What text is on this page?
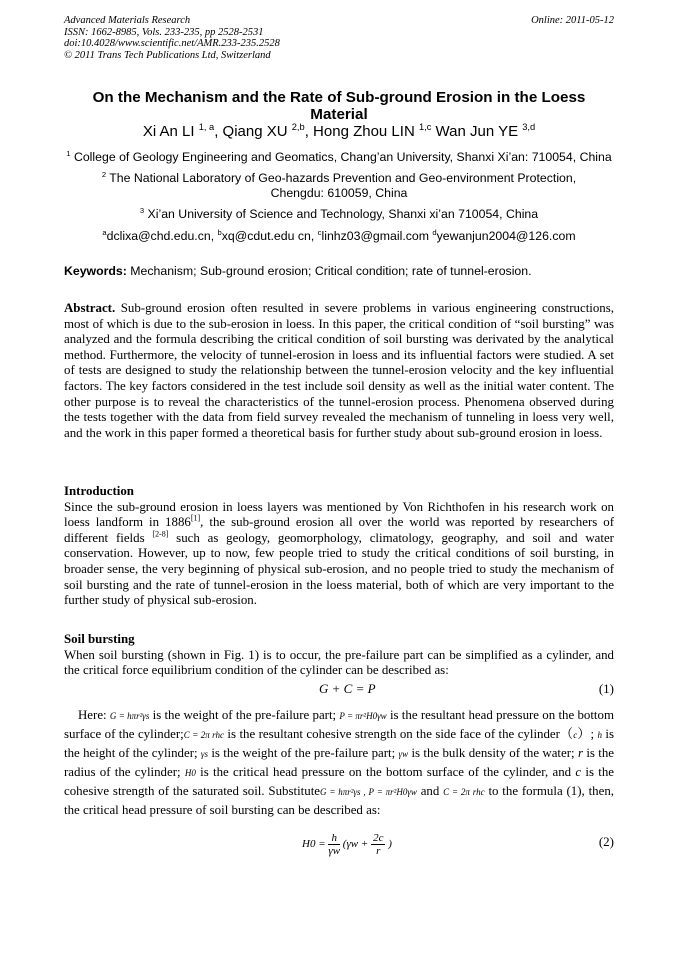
Advanced Materials Research
ISSN: 1662-8985, Vols. 233-235, pp 2528-2531
doi:10.4028/www.scientific.net/AMR.233-235.2528
© 2011 Trans Tech Publications Ltd, Switzerland
Online: 2011-05-12
On the Mechanism and the Rate of Sub-ground Erosion in the Loess Material
Xi An LI $^{1, a}$, Qiang XU $^{2,b}$, Hong Zhou LIN $^{1,c}$ Wan Jun YE $^{3,d}$
$^1$ College of Geology Engineering and Geomatics, Chang’an University, Shanxi Xi’an: 710054, China
$^2$ The National Laboratory of Geo-hazards Prevention and Geo-environment Protection, Chengdu: 610059, China
$^3$ Xi’an University of Science and Technology, Shanxi xi’an 710054, China
$^a$dclixa@chd.edu.cn, $^b$xq@cdut.edu cn, $^c$linhz03@gmail.com $^d$yewanjun2004@126.com
Keywords: Mechanism; Sub-ground erosion; Critical condition; rate of tunnel-erosion.
Abstract. Sub-ground erosion often resulted in severe problems in various engineering constructions, most of which is due to the sub-erosion in loess. In this paper, the critical condition of “soil bursting” was analyzed and the formula describing the critical condition of soil bursting was derivated by the analytical method. Furthermore, the velocity of tunnel-erosion in loess and its influential factors were studied. A set of tests are designed to study the relationship between the tunnel-erosion velocity and the key influential factors. The key factors considered in the test include soil density as well as the initial water content. The other purpose is to reveal the characteristics of the tunnel-erosion process. Phenomena observed during the tests together with the data from field survey revealed the mechanism of tunneling in loess very well, and the work in this paper formed a theoretical basis for further study about sub-ground erosion in loess.
Introduction
Since the sub-ground erosion in loess layers was mentioned by Von Richthofen in his research work on loess landform in 1886[1], the sub-ground erosion all over the world was reported by researchers of different fields [2-8] such as geology, geomorphology, climatology, geography, and soil and water conservation. However, up to now, few people tried to study the critical conditions of soil bursting, in broader sense, the very beginning of physical sub-erosion, and no people tried to study the mechanism of soil bursting and the rate of tunnel-erosion in the loess material, both of which are very important to the further study of physical sub-erosion.
Soil bursting
When soil bursting (shown in Fig. 1) is to occur, the pre-failure part can be simplified as a cylinder, and the critical force equilibrium condition of the cylinder can be described as:
G + C = P	(1)
Here: G = hπr²γs is the weight of the pre-failure part; P = πr²H0γw is the resultant head pressure on the bottom surface of the cylinder;C = 2π rhc is the resultant cohesive strength on the side face of the cylinder（c）; h is the height of the cylinder; γs is the weight of the pre-failure part; γw is the bulk density of the water; r is the radius of the cylinder; H0 is the critical head pressure on the bottom surface of the cylinder, and c is the cohesive strength of the saturated soil. SubstituteG = hπr²γs , P = πr²H0γw and C = 2π rhc to the formula (1), then, the critical head pressure of soil bursting can be described as:
$H0 = \frac{h}{\gamma w} (\gamma w + \frac{2c}{r}$ )	(2)
